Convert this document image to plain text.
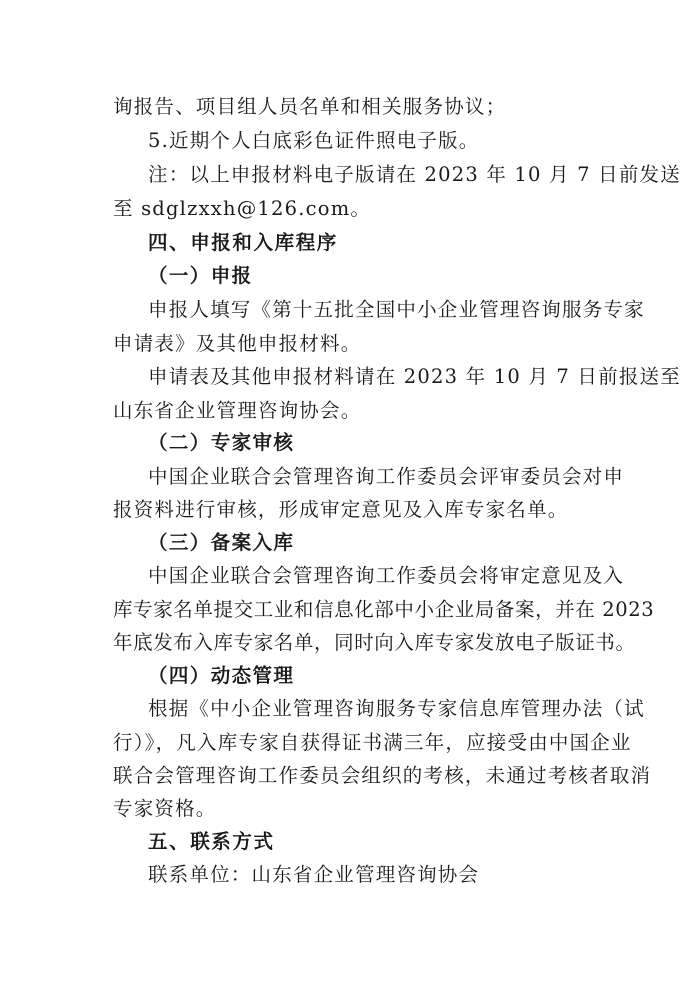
询报告、项目组人员名单和相关服务协议；
5.近期个人白底彩色证件照电子版。
注：以上申报材料电子版请在 2023 年 10 月 7 日前发送
至 sdglzxxh@126.com。
四、申报和入库程序
（一）申报
申报人填写《第十五批全国中小企业管理咨询服务专家
申请表》及其他申报材料。
申请表及其他申报材料请在 2023 年 10 月 7 日前报送至
山东省企业管理咨询协会。
（二）专家审核
中国企业联合会管理咨询工作委员会评审委员会对申
报资料进行审核，形成审定意见及入库专家名单。
（三）备案入库
中国企业联合会管理咨询工作委员会将审定意见及入
库专家名单提交工业和信息化部中小企业局备案，并在 2023
年底发布入库专家名单，同时向入库专家发放电子版证书。
（四）动态管理
根据《中小企业管理咨询服务专家信息库管理办法（试
行）》，凡入库专家自获得证书满三年，应接受由中国企业
联合会管理咨询工作委员会组织的考核，未通过考核者取消
专家资格。
五、联系方式
联系单位：山东省企业管理咨询协会
